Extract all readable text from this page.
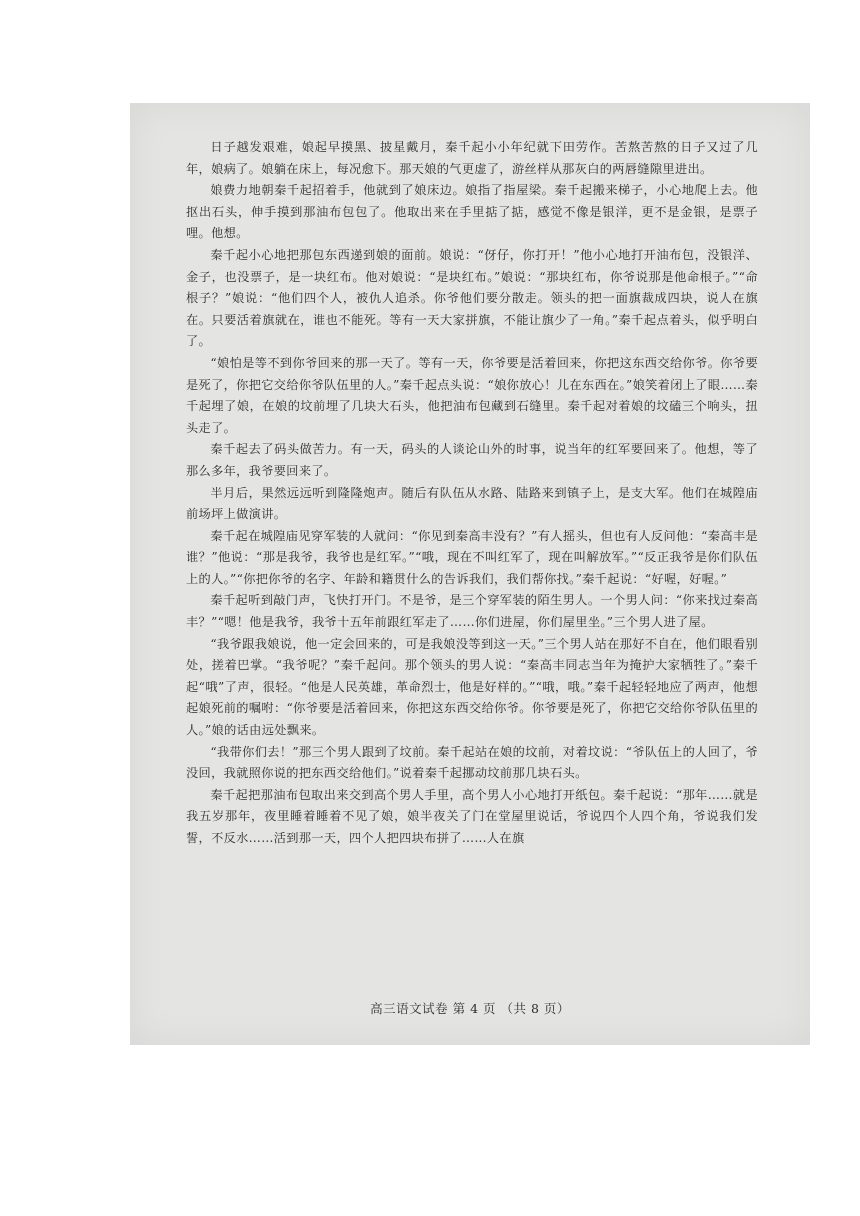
日子越发艰难，娘起早摸黑、披星戴月，秦千起小小年纪就下田劳作。苦熬苦熬的日子又过了几年，娘病了。娘躺在床上，每况愈下。那天娘的气更虚了，游丝样从那灰白的两唇缝隙里进出。

娘费力地朝秦千起招着手，他就到了娘床边。娘指了指屋梁。秦千起搬来梯子，小心地爬上去。他抠出石头，伸手摸到那油布包包了。他取出来在手里掂了掂，感觉不像是银洋，更不是金银，是票子哩。他想。

秦千起小心地把那包东西递到娘的面前。娘说：“伢仔，你打开！”他小心地打开油布包，没银洋、金子，也没票子，是一块红布。他对娘说：“是块红布。”娘说：“那块红布，你爷说那是他命根子。”“命根子？”娘说：“他们四个人，被仇人追杀。你爷他们要分散走。领头的把一面旗裁成四块，说人在旗在。只要活着旗就在，谁也不能死。等有一天大家拼旗，不能让旗少了一角。”秦千起点着头，似乎明白了。

“娘怕是等不到你爷回来的那一天了。等有一天，你爷要是活着回来，你把这东西交给你爷。你爷要是死了，你把它交给你爷队伍里的人。”秦千起点头说：“娘你放心！儿在东西在。”娘笑着闭上了眼……秦千起埋了娘，在娘的坟前埋了几块大石头，他把油布包藏到石缝里。秦千起对着娘的坟磕三个响头，扭头走了。

秦千起去了码头做苦力。有一天，码头的人谈论山外的时事，说当年的红军要回来了。他想，等了那么多年，我爷要回来了。

半月后，果然远远听到隆隆炮声。随后有队伍从水路、陆路来到镇子上，是支大军。他们在城隍庙前场坪上做演讲。

秦千起在城隍庙见穿军装的人就问：“你见到秦高丰没有？”有人摇头，但也有人反问他：“秦高丰是谁？”他说：“那是我爷，我爷也是红军。”“哦，现在不叫红军了，现在叫解放军。”“反正我爷是你们队伍上的人。”“你把你爷的名字、年龄和籍贯什么的告诉我们，我们帮你找。”秦千起说：“好喔，好喔。”

秦千起听到敲门声，飞快打开门。不是爷，是三个穿军装的陌生男人。一个男人问：“你来找过秦高丰？”“嗯！他是我爷，我爷十五年前跟红军走了……你们进屋，你们屋里坐。”三个男人进了屋。

“我爷跟我娘说，他一定会回来的，可是我娘没等到这一天。”三个男人站在那好不自在，他们眼看别处，搓着巴掌。“我爷呢？”秦千起问。那个领头的男人说：“秦高丰同志当年为掩护大家牺牲了。”秦千起“哦”了声，很轻。“他是人民英雄，革命烈士，他是好样的。”“哦，哦。”秦千起轻轻地应了两声，他想起娘死前的嘱咐：“你爷要是活着回来，你把这东西交给你爷。你爷要是死了，你把它交给你爷队伍里的人。”娘的话由远处飘来。

“我带你们去！”那三个男人跟到了坟前。秦千起站在娘的坟前，对着坟说：“爷队伍上的人回了，爷没回，我就照你说的把东西交给他们。”说着秦千起挪动坟前那几块石头。

秦千起把那油布包取出来交到高个男人手里，高个男人小心地打开纸包。秦千起说：“那年……就是我五岁那年，夜里睡着睡着不见了娘，娘半夜关了门在堂屋里说话，爷说四个人四个角，爷说我们发誓，不反水……活到那一天，四个人把四块布拼了……人在旗

高三语文试卷 第 4 页 （共 8 页）
